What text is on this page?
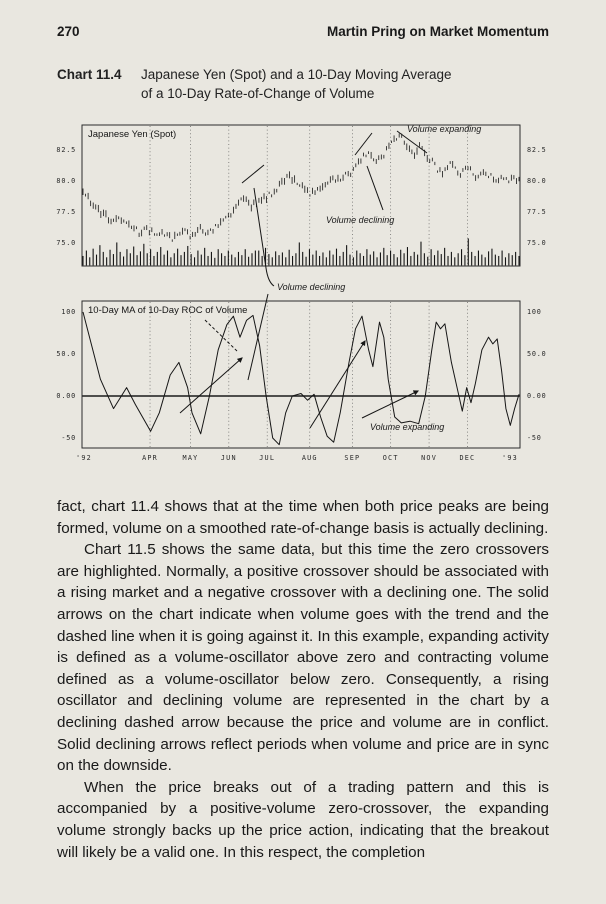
270	Martin Pring on Market Momentum
Chart 11.4	Japanese Yen (Spot) and a 10-Day Moving Average
of a 10-Day Rate-of-Change of Volume
82.5	82.5
80.0	80.0
77.5	77.5
75.0	75.0
100	100
50.0	50.0
0.00	0.00
-50	-50
'92	APR	MAY	JUN	JUL	AUG	SEP	OCT	NOV	DEC	'93
Japanese Yen (Spot)
10-Day MA of 10-Day ROC of Volume
Volume expanding
Volume declining
Volume declining
Volume expanding

fact, chart 11.4 shows that at the time when both price peaks are being formed, volume on a smoothed rate-of-change basis is actually declining.

Chart 11.5 shows the same data, but this time the zero crossovers are highlighted. Normally, a positive crossover should be associated with a rising market and a negative crossover with a declining one. The solid arrows on the chart indicate when volume goes with the trend and the dashed line when it is going against it. In this example, expanding activity is defined as a volume-oscillator above zero and contracting volume defined as a volume-oscillator below zero. Consequently, a rising oscillator and declining volume are represented in the chart by a declining dashed arrow because the price and volume are in conflict. Solid declining arrows reflect periods when volume and price are in sync on the downside.

When the price breaks out of a trading pattern and this is accompanied by a positive-volume zero-crossover, the expanding volume strongly backs up the price action, indicating that the breakout will likely be a valid one. In this respect, the completion
